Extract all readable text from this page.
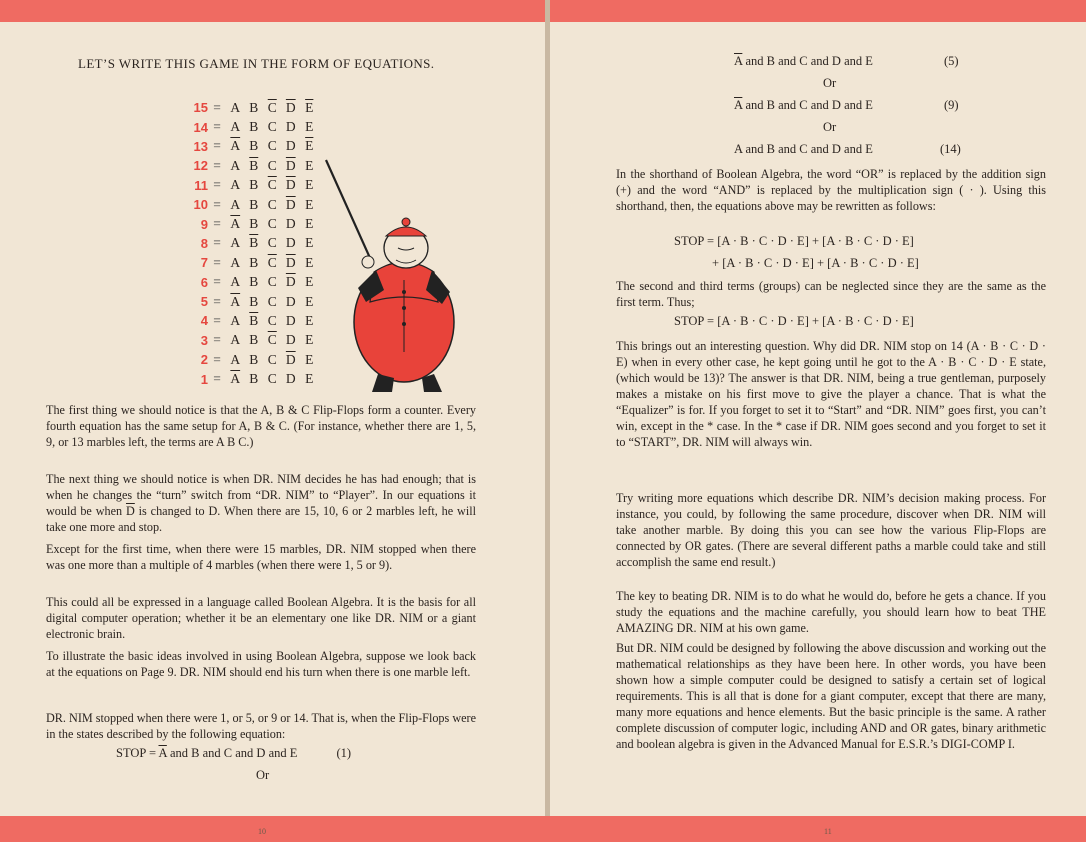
LET’S WRITE THIS GAME IN THE FORM OF EQUATIONS.
15 = A B $\overline{C}$ $\overline{D}$ $\overline{E}$
14 = A B C D E
$13 = \overline{A}$ B C D $\overline{E}$
12 = A $\overline{B}$ C $\overline{D}$ E
11 = A B $\overline{C}$ $\overline{D}$ E
10 = A B C $\overline{D}$ E
$9 = \overline{A}$ B C D E
8 = A $\overline{B}$ C D E
7 = A B $\overline{C}$ $\overline{D}$ E
6 = A B C $\overline{D}$ E
$5 = \overline{A}$ B C D E
4 = A $\overline{B}$ C D E
3 = A B $\overline{C}$ D E
2 = A B C $\overline{D}$ E
$1 = \overline{A}$ B C D E
The first thing we should notice is that the A, B & C Flip-Flops form a counter. Every fourth equation has the same setup for A, B & C. (For instance, whether there are 1, 5, 9, or 13 marbles left, the terms are A B C.)
The next thing we should notice is when DR. NIM decides he has had enough; that is when he changes the “turn” switch from “DR. NIM” to “Player”. In our equations it would be when $\overline{D}$ is changed to D. When there are 15, 10, 6 or 2 marbles left, he will take one more and stop.
Except for the first time, when there were 15 marbles, DR. NIM stopped when there was one more than a multiple of 4 marbles (when there were 1, 5 or 9).
This could all be expressed in a language called Boolean Algebra. It is the basis for all digital computer operation; whether it be an elementary one like DR. NIM or a giant electronic brain.
To illustrate the basic ideas involved in using Boolean Algebra, suppose we look back at the equations on Page 9. DR. NIM should end his turn when there is one marble left.
DR. NIM stopped when there were 1, or 5, or 9 or 14. That is, when the Flip-Flops were in the states described by the following equation:
STOP = $\overline{A}$ and B and C and D and E	(1)
Or
$\overline{A}$ and B and C and D and E	(5)
Or
$\overline{A}$ and B and C and D and E	(9)
Or
A and B and C and D and E	(14)
In the shorthand of Boolean Algebra, the word “OR” is replaced by the addition sign (+) and the word “AND” is replaced by the multiplication sign ( · ). Using this shorthand, then, the equations above may be rewritten as follows:
STOP = [A · B · C · D · E] + [A · B · C · D · E]
+ [A · B · C · D · E] + [A · B · C · D · E]
The second and third terms (groups) can be neglected since they are the same as the first term. Thus;
STOP = [A · B · C · D · E] + [A · B · C · D · E]
This brings out an interesting question. Why did DR. NIM stop on 14 (A · B · C · D · E) when in every other case, he kept going until he got to the A · B · C · D · E state, (which would be 13)? The answer is that DR. NIM, being a true gentleman, purposely makes a mistake on his first move to give the player a chance. That is what the “Equalizer” is for. If you forget to set it to “Start” and “DR. NIM” goes first, you can’t win, except in the * case. In the * case if DR. NIM goes second and you forget to set it to “START”, DR. NIM will always win.
Try writing more equations which describe DR. NIM’s decision making process. For instance, you could, by following the same procedure, discover when DR. NIM will take another marble. By doing this you can see how the various Flip-Flops are connected by OR gates. (There are several different paths a marble could take and still accomplish the same end result.)
The key to beating DR. NIM is to do what he would do, before he gets a chance. If you study the equations and the machine carefully, you should learn how to beat THE AMAZING DR. NIM at his own game.
But DR. NIM could be designed by following the above discussion and working out the mathematical relationships as they have been here. In other words, you have been shown how a simple computer could be designed to satisfy a certain set of logical requirements. This is all that is done for a giant computer, except that there are many, many more equations and hence elements. But the basic principle is the same. A rather complete discussion of computer logic, including AND and OR gates, binary arithmetic and boolean algebra is given in the Advanced Manual for E.S.R.’s DIGI-COMP I.
10	11
